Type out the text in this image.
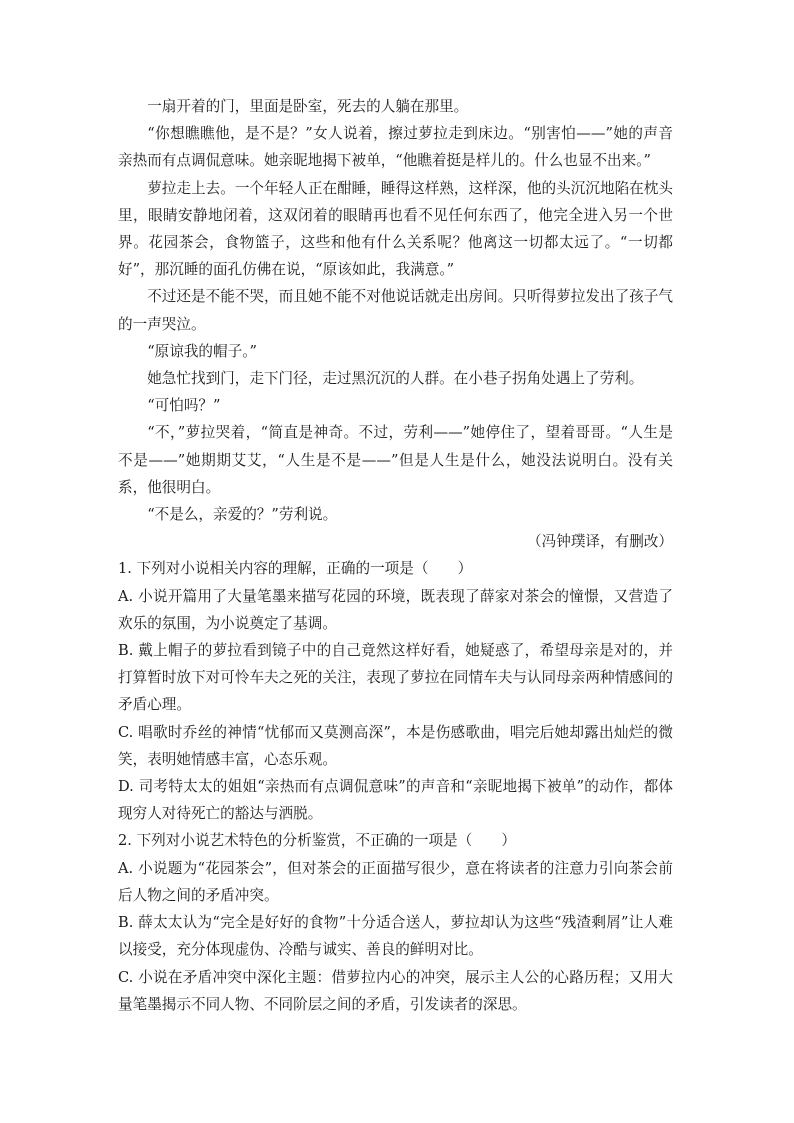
一扇开着的门，里面是卧室，死去的人躺在那里。

“你想瞧瞧他，是不是？”女人说着，擦过萝拉走到床边。“别害怕——”她的声音亲热而有点调侃意味。她亲昵地揭下被单，“他瞧着挺是样儿的。什么也显不出来。”

萝拉走上去。一个年轻人正在酣睡，睡得这样熟，这样深，他的头沉沉地陷在枕头里，眼睛安静地闭着，这双闭着的眼睛再也看不见任何东西了，他完全进入另一个世界。花园茶会，食物篮子，这些和他有什么关系呢？他离这一切都太远了。“一切都好”，那沉睡的面孔仿佛在说，“原该如此，我满意。”

不过还是不能不哭，而且她不能不对他说话就走出房间。只听得萝拉发出了孩子气的一声哭泣。

“原谅我的帽子。”

她急忙找到门，走下门径，走过黑沉沉的人群。在小巷子拐角处遇上了劳利。

“可怕吗？”

“不，”萝拉哭着，“简直是神奇。不过，劳利——”她停住了，望着哥哥。“人生是不是——”她期期艾艾，“人生是不是——”但是人生是什么，她没法说明白。没有关系，他很明白。

“不是么，亲爱的？”劳利说。

（冯钟璞译，有删改）

1. 下列对小说相关内容的理解，正确的一项是（　　）

A. 小说开篇用了大量笔墨来描写花园的环境，既表现了薛家对茶会的憧憬，又营造了欢乐的氛围，为小说奠定了基调。

B. 戴上帽子的萝拉看到镜子中的自己竟然这样好看，她疑惑了，希望母亲是对的，并打算暂时放下对可怜车夫之死的关注，表现了萝拉在同情车夫与认同母亲两种情感间的矛盾心理。

C. 唱歌时乔丝的神情“忧郁而又莫测高深”，本是伤感歌曲，唱完后她却露出灿烂的微笑，表明她情感丰富，心态乐观。

D. 司考特太太的姐姐“亲热而有点调侃意味”的声音和“亲昵地揭下被单”的动作，都体现穷人对待死亡的豁达与洒脱。

2. 下列对小说艺术特色的分析鉴赏，不正确的一项是（　　）

A. 小说题为“花园茶会”，但对茶会的正面描写很少，意在将读者的注意力引向茶会前后人物之间的矛盾冲突。

B. 薛太太认为“完全是好好的食物”十分适合送人，萝拉却认为这些“残渣剩屑”让人难以接受，充分体现虚伪、冷酷与诚实、善良的鲜明对比。

C. 小说在矛盾冲突中深化主题：借萝拉内心的冲突，展示主人公的心路历程；又用大量笔墨揭示不同人物、不同阶层之间的矛盾，引发读者的深思。
